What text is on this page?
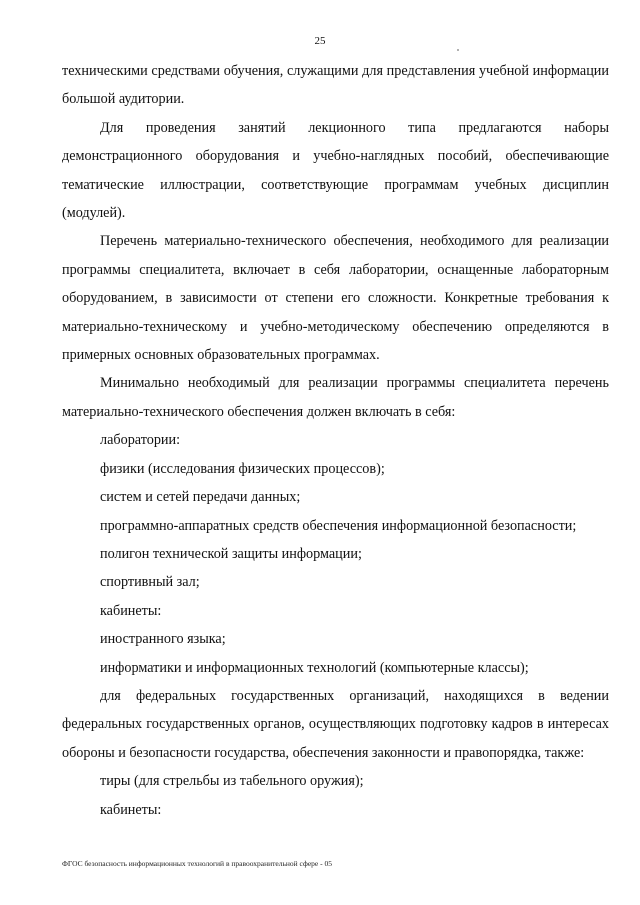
25

техническими средствами обучения, служащими для представления учебной информации большой аудитории.

Для проведения занятий лекционного типа предлагаются наборы демонстрационного оборудования и учебно-наглядных пособий, обеспечивающие тематические иллюстрации, соответствующие программам учебных дисциплин (модулей).

Перечень материально-технического обеспечения, необходимого для реализации программы специалитета, включает в себя лаборатории, оснащенные лабораторным оборудованием, в зависимости от степени его сложности. Конкретные требования к материально-техническому и учебно-методическому обеспечению определяются в примерных основных образовательных программах.

Минимально необходимый для реализации программы специалитета перечень материально-технического обеспечения должен включать в себя:

лаборатории:

физики (исследования физических процессов);

систем и сетей передачи данных;

программно-аппаратных средств обеспечения информационной безопасности;

полигон технической защиты информации;

спортивный зал;

кабинеты:

иностранного языка;

информатики и информационных технологий (компьютерные классы);

для федеральных государственных организаций, находящихся в ведении федеральных государственных органов, осуществляющих подготовку кадров в интересах обороны и безопасности государства, обеспечения законности и правопорядка, также:

тиры (для стрельбы из табельного оружия);

кабинеты:

ФГОС безопасность информационных технологий в правоохранительной сфере - 05
